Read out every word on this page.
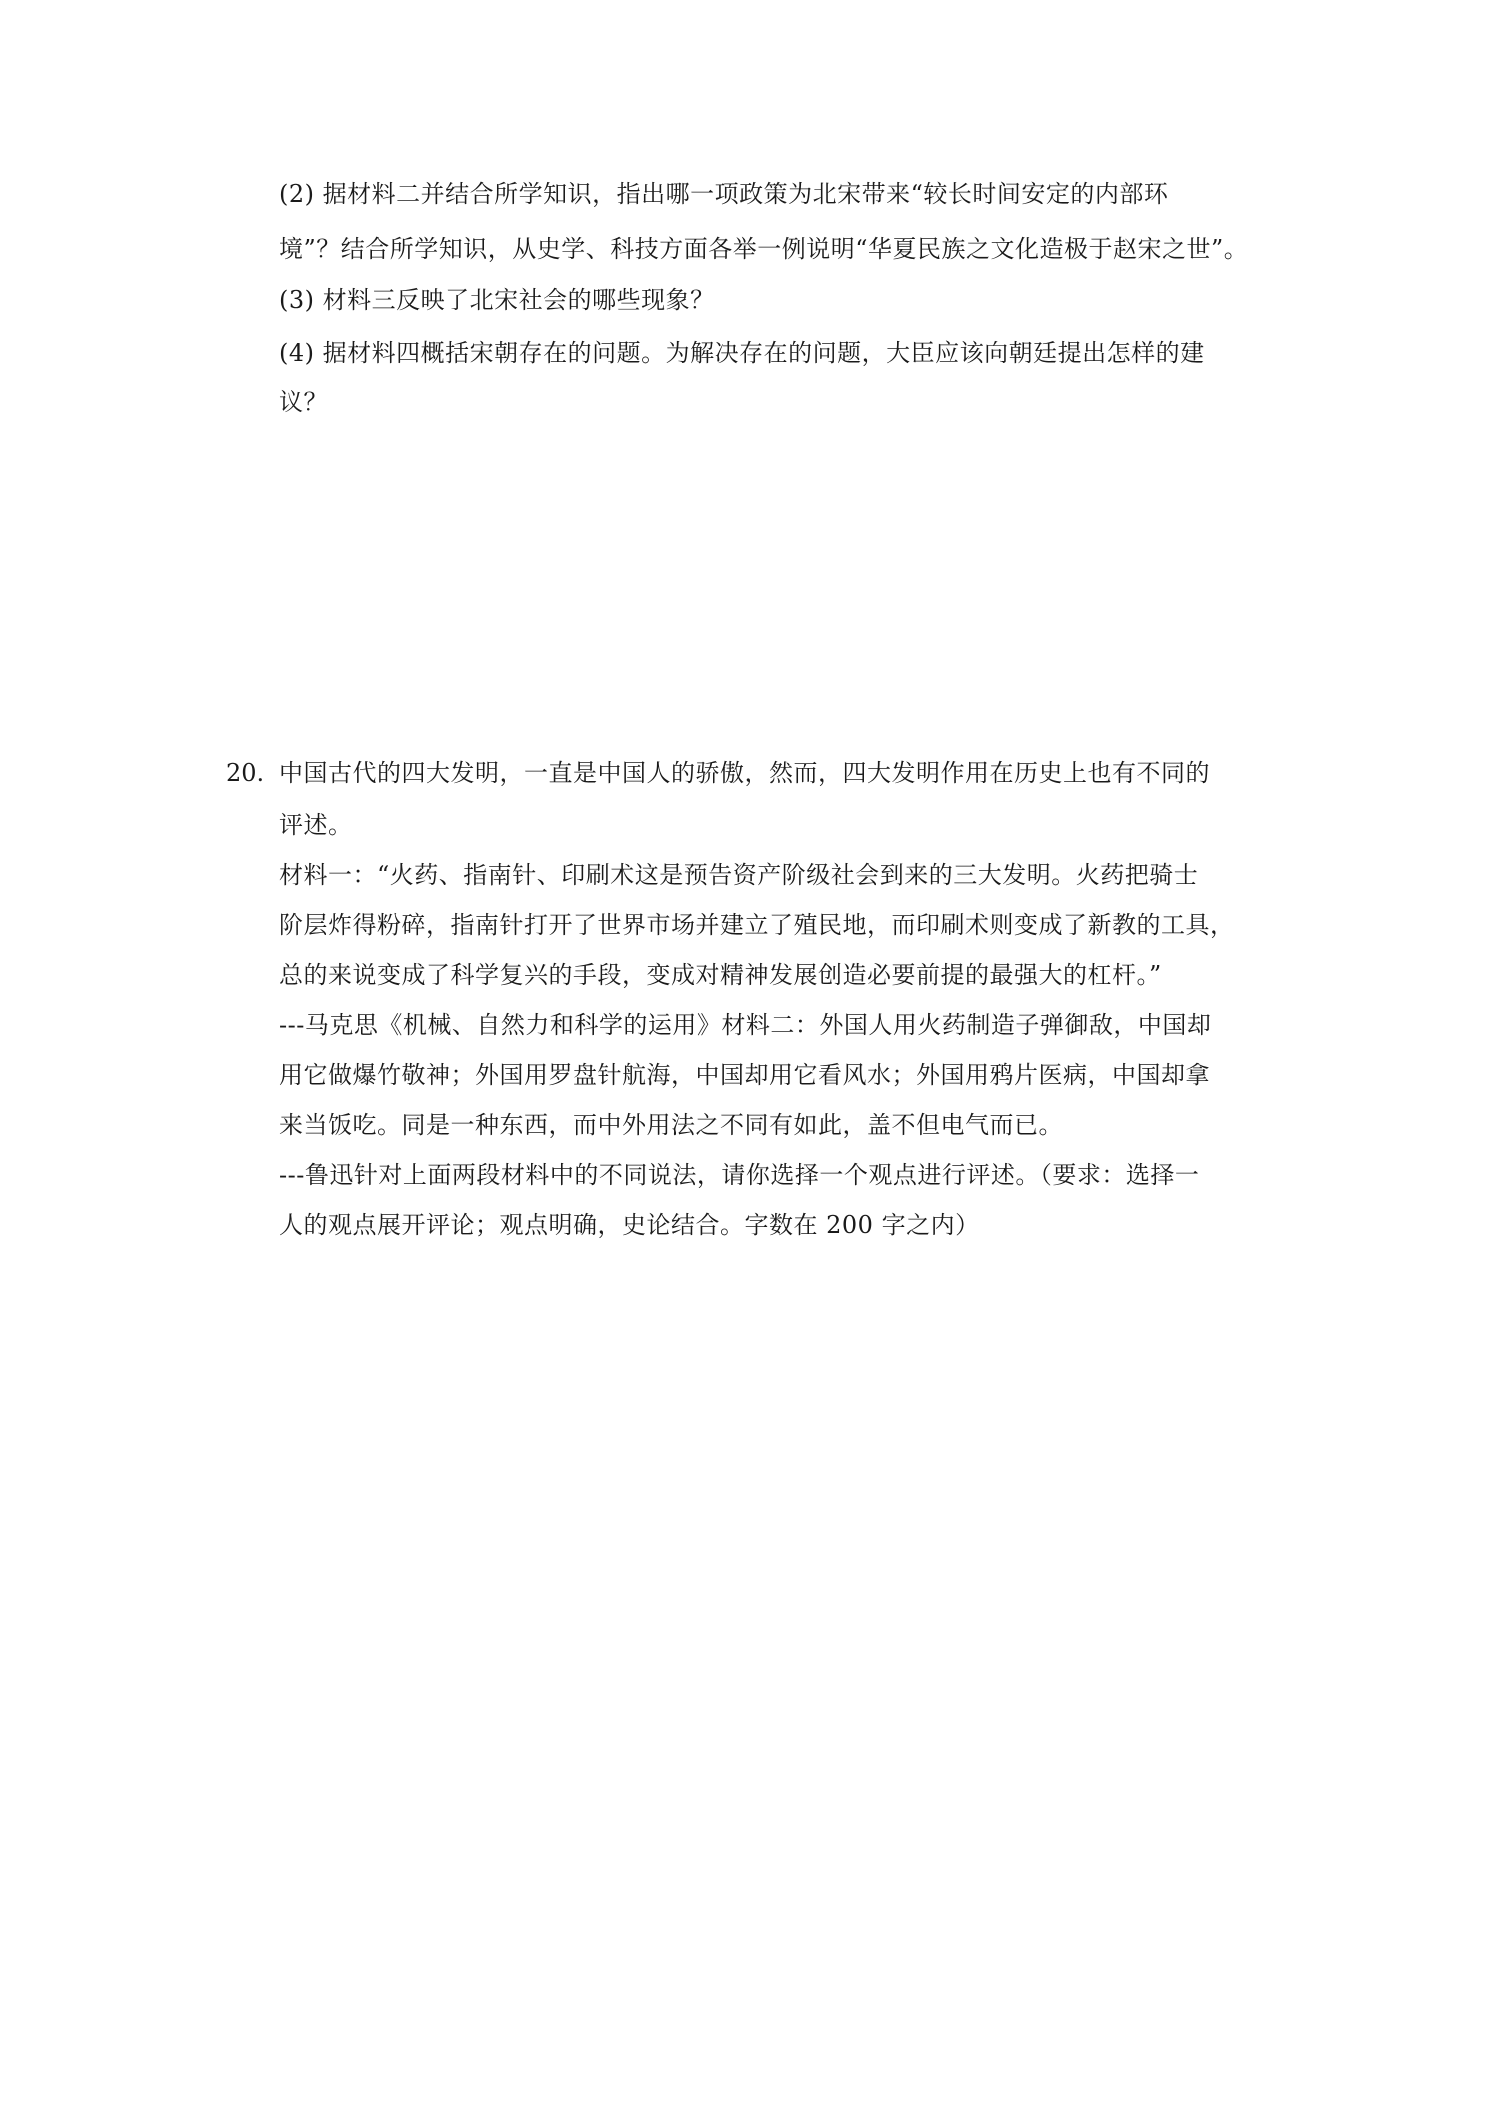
(2) 据材料二并结合所学知识，指出哪一项政策为北宋带来“较长时间安定的内部环
境”？结合所学知识，从史学、科技方面各举一例说明“华夏民族之文化造极于赵宋之世”。
(3) 材料三反映了北宋社会的哪些现象？
(4) 据材料四概括宋朝存在的问题。为解决存在的问题，大臣应该向朝廷提出怎样的建
议？
20. 中国古代的四大发明，一直是中国人的骄傲，然而，四大发明作用在历史上也有不同的
评述。
材料一：“火药、指南针、印刷术这是预告资产阶级社会到来的三大发明。火药把骑士
阶层炸得粉碎，指南针打开了世界市场并建立了殖民地，而印刷术则变成了新教的工具，
总的来说变成了科学复兴的手段，变成对精神发展创造必要前提的最强大的杠杆。”
---马克思《机械、自然力和科学的运用》材料二：外国人用火药制造子弹御敌，中国却
用它做爆竹敬神；外国用罗盘针航海，中国却用它看风水；外国用鸦片医病，中国却拿
来当饭吃。同是一种东西，而中外用法之不同有如此，盖不但电气而已。
---鲁迅针对上面两段材料中的不同说法，请你选择一个观点进行评述。（要求：选择一
人的观点展开评论；观点明确，史论结合。字数在 200 字之内）
